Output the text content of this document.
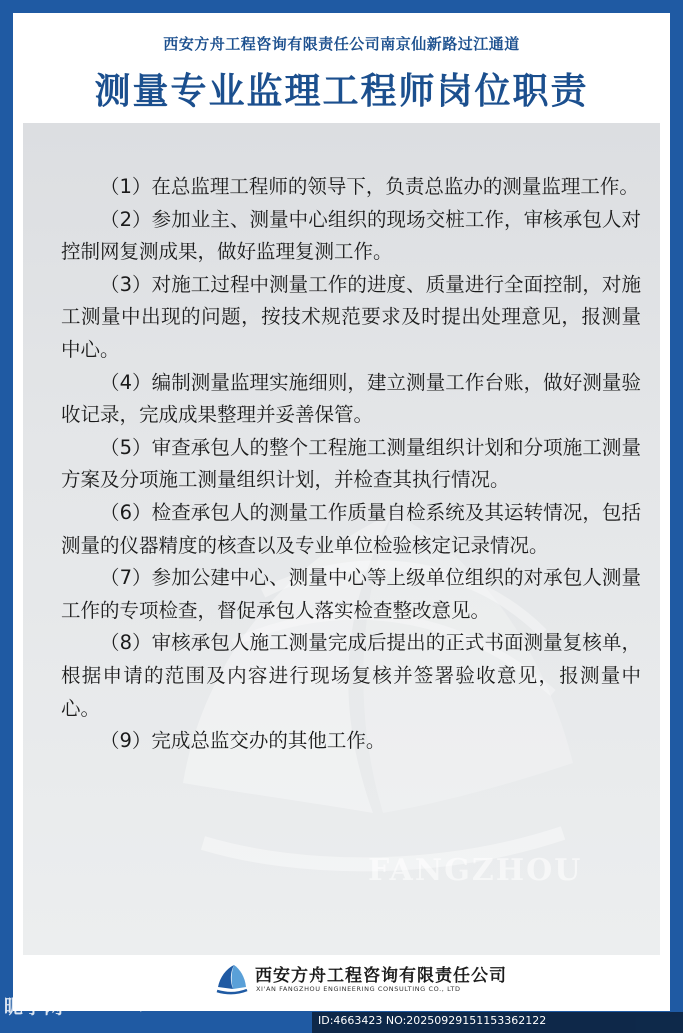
西安方舟工程咨询有限责任公司南京仙新路过江通道
测量专业监理工程师岗位职责
FANGZHOU

（1）在总监理工程师的领导下，负责总监办的测量监理工作。

（2）参加业主、测量中心组织的现场交桩工作，审核承包人对控制网复测成果，做好监理复测工作。

（3）对施工过程中测量工作的进度、质量进行全面控制，对施工测量中出现的问题，按技术规范要求及时提出处理意见，报测量中心。

（4）编制测量监理实施细则，建立测量工作台账，做好测量验收记录，完成成果整理并妥善保管。

（5）审查承包人的整个工程施工测量组织计划和分项施工测量方案及分项施工测量组织计划，并检查其执行情况。

（6）检查承包人的测量工作质量自检系统及其运转情况，包括测量的仪器精度的核查以及专业单位检验核定记录情况。

（7）参加公建中心、测量中心等上级单位组织的对承包人测量工作的专项检查，督促承包人落实检查整改意见。

（8）审核承包人施工测量完成后提出的正式书面测量复核单，根据申请的范围及内容进行现场复核并签署验收意见，报测量中心。

（9）完成总监交办的其他工作。

西安方舟工程咨询有限责任公司
XI'AN FANGZHOU ENGINEERING CONSULTING CO., LTD
昵享网	www.nipic.com
ID:4663423 NO:20250929151153362122
